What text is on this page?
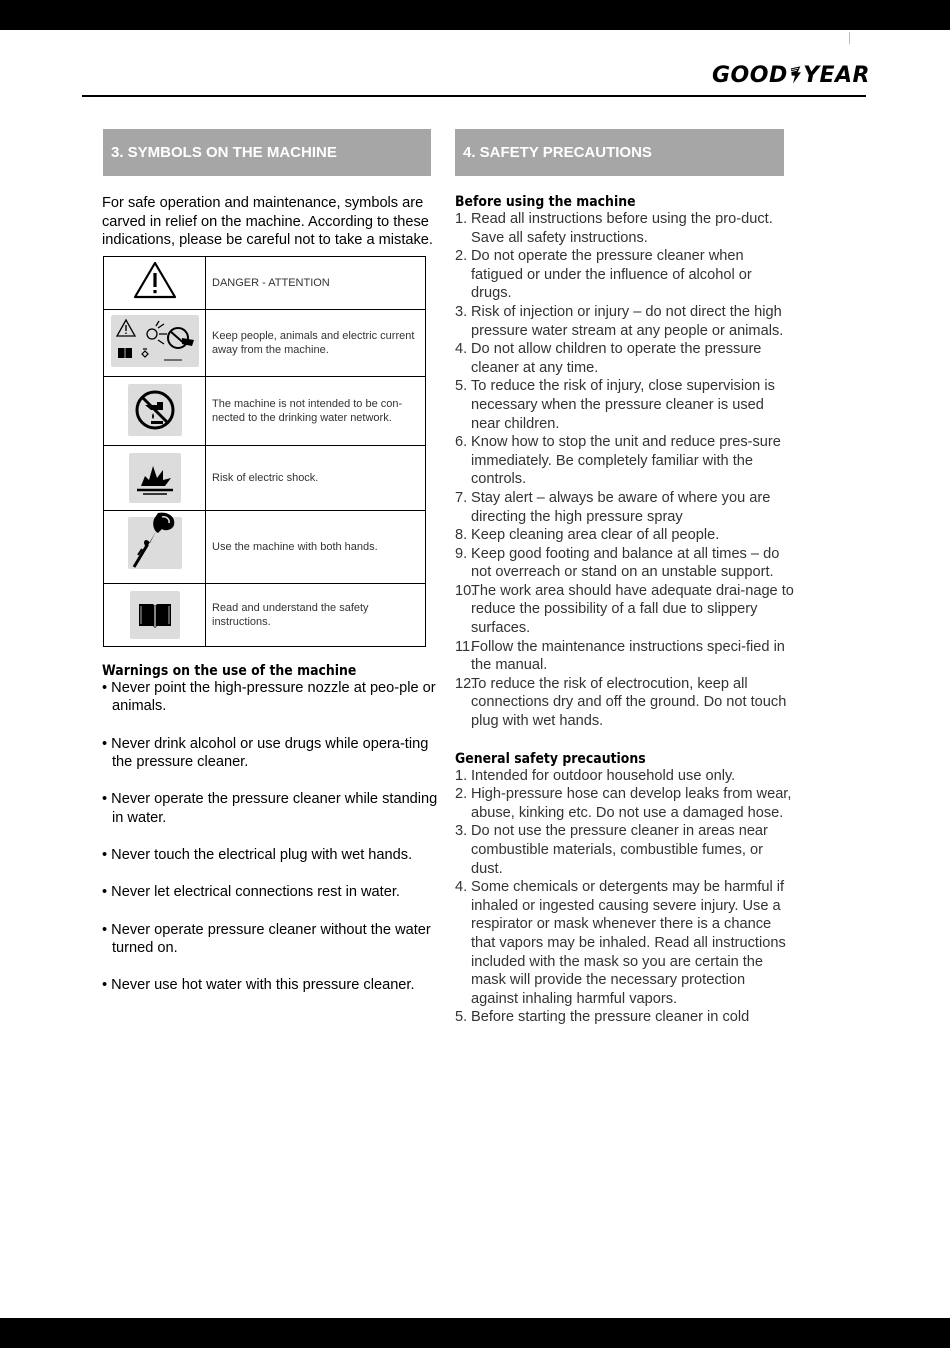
GOOD YEAR
3. SYMBOLS ON THE MACHINE	4. SAFETY PRECAUTIONS

For safe operation and maintenance, symbols are carved in relief on the machine. According to these indications, please be careful not to take a mistake.

	DANGER - ATTENTION

	Keep people, animals and electric current away from the machine.

	The machine is not intended to be con-nected to the drinking water network.

	Risk of electric shock.

	Use the machine with both hands.

	Read and understand the safety instructions.

Warnings on the use of the machine

• Never point the high-pressure nozzle at peo-ple or animals.
• Never drink alcohol or use drugs while opera-ting the pressure cleaner.
• Never operate the pressure cleaner while standing in water.
• Never touch the electrical plug with wet hands.
• Never let electrical connections rest in water.
• Never operate pressure cleaner without the water turned on.
• Never use hot water with this pressure cleaner.

Before using the machine

1. Read all instructions before using the pro-duct. Save all safety instructions.
2. Do not operate the pressure cleaner when fatigued or under the influence of alcohol or drugs.
3. Risk of injection or injury – do not direct the high pressure water stream at any people or animals.
4. Do not allow children to operate the pressure cleaner at any time.
5. To reduce the risk of injury, close supervision is necessary when the pressure cleaner is used near children.
6. Know how to stop the unit and reduce pres-sure immediately. Be completely familiar with the controls.
7. Stay alert – always be aware of where you are directing the high pressure spray
8. Keep cleaning area clear of all people.
9. Keep good footing and balance at all times – do not overreach or stand on an unstable support.
10.
The work area should have adequate drai-nage to reduce the possibility of a fall due to slippery surfaces.
11.
Follow the maintenance instructions speci-fied in the manual.
12.
To reduce the risk of electrocution, keep all connections dry and off the ground. Do not touch plug with wet hands.

General safety precautions

1. Intended for outdoor household use only.
2. High-pressure hose can develop leaks from wear, abuse, kinking etc. Do not use a damaged hose.
3. Do not use the pressure cleaner in areas near combustible materials, combustible fumes, or dust.
4. Some chemicals or detergents may be harmful if inhaled or ingested causing severe injury. Use a respirator or mask whenever there is a chance that vapors may be inhaled. Read all instructions included with the mask so you are certain the mask will provide the necessary protection against inhaling harmful vapors.
5. Before starting the pressure cleaner in cold
